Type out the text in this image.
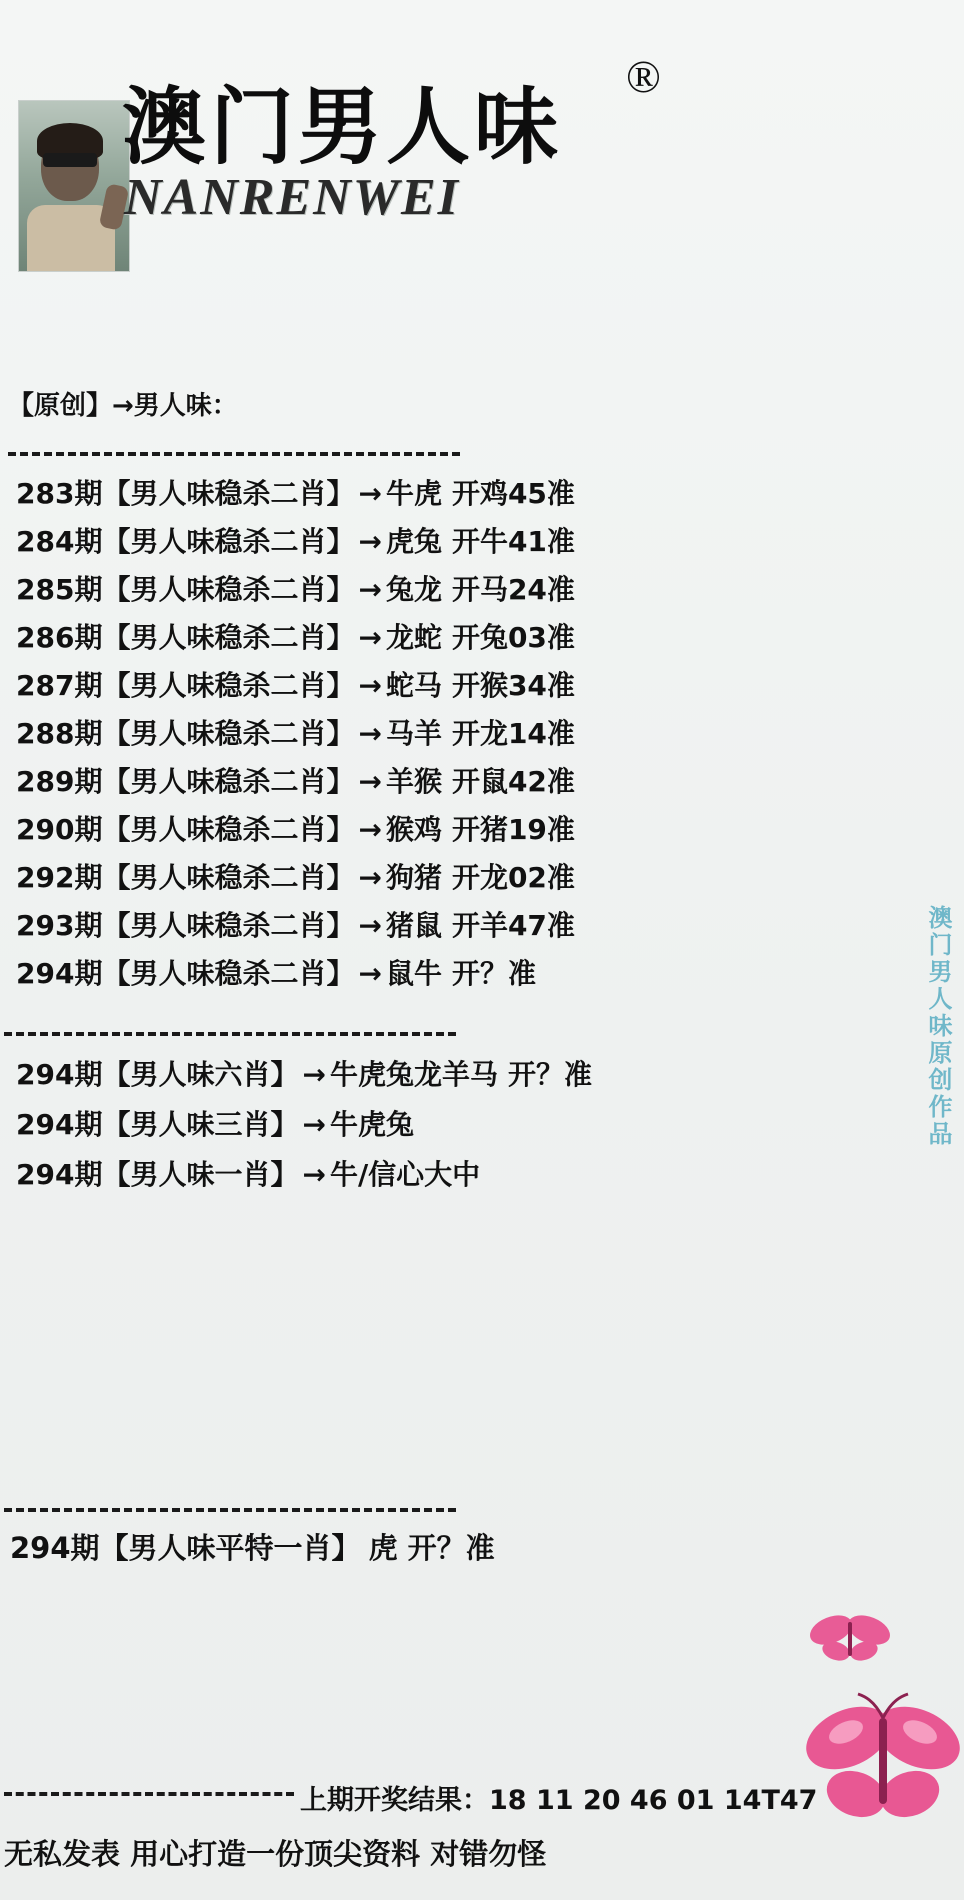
澳门男人味
®
NANRENWEI
【原创】→男人味：
283期【男人味稳杀二肖】 → 牛虎 开鸡45准
284期【男人味稳杀二肖】 → 虎兔 开牛41准
285期【男人味稳杀二肖】 → 兔龙 开马24准
286期【男人味稳杀二肖】 → 龙蛇 开兔03准
287期【男人味稳杀二肖】 → 蛇马 开猴34准
288期【男人味稳杀二肖】 → 马羊 开龙14准
289期【男人味稳杀二肖】 → 羊猴 开鼠42准
290期【男人味稳杀二肖】 → 猴鸡 开猪19准
292期【男人味稳杀二肖】 → 狗猪 开龙02准
293期【男人味稳杀二肖】 → 猪鼠 开羊47准
294期【男人味稳杀二肖】 → 鼠牛 开？准
294期【男人味六肖】 → 牛虎兔龙羊马 开？准
294期【男人味三肖】 → 牛虎兔
294期【男人味一肖】 → 牛/信心大中
294期【男人味平特一肖】 虎 开？准
澳门男人味原创作品
上期开奖结果：18 11 20 46 01 14T47
无私发表 用心打造一份顶尖资料 对错勿怪
